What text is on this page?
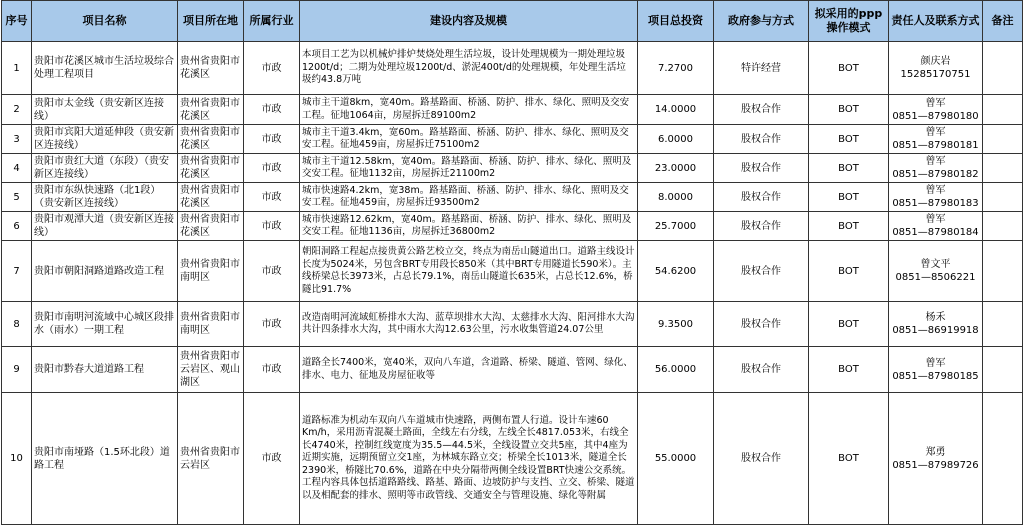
序号	项目名称	项目所在地	所属行业	建设内容及规模	项目总投资	政府参与方式	拟采用的ppp操作模式	责任人及联系方式	备注
1	贵阳市花溪区城市生活垃圾综合处理工程项目	贵州省贵阳市花溪区	市政	本项目工艺为以机械炉排炉焚烧处理生活垃圾，设计处理规模为一期处理垃圾1200t/d；二期为处理垃圾1200t/d、淤泥400t/d的处理规模，年处理生活垃圾约43.8万吨	7.2700	特许经营	BOT	颜庆岩
15285170751	

2	贵阳市太金线（贵安新区连接线）	贵州省贵阳市花溪区	市政	城市主干道8km，宽40m。路基路面、桥涵、防护、排水、绿化、照明及交安工程。征地1064亩，房屋拆迁89100m2	14.0000	股权合作	BOT	曾军
0851—87980180	

3	贵阳市宾阳大道延伸段（贵安新区连接线）	贵州省贵阳市花溪区	市政	城市主干道3.4km，宽60m。路基路面、桥涵、防护、排水、绿化、照明及交安工程。征地459亩，房屋拆迁75100m2	6.0000	股权合作	BOT	曾军
0851—87980181	

4	贵阳市贵红大道（东段）（贵安新区连接线）	贵州省贵阳市花溪区	市政	城市主干道12.58km，宽40m。路基路面、桥涵、防护、排水、绿化、照明及交安工程。征地1132亩，房屋拆迁21100m2	23.0000	股权合作	BOT	曾军
0851—87980182	

5	贵阳市东纵快速路（北1段）（贵安新区连接线）	贵州省贵阳市花溪区	市政	城市快速路4.2km，宽38m。路基路面、桥涵、防护、排水、绿化、照明及交安工程。征地459亩，房屋拆迁93500m2	8.0000	股权合作	BOT	曾军
0851—87980183	

6	贵阳市观潭大道（贵安新区连接线）	贵州省贵阳市花溪区	市政	城市快速路12.62km，宽40m。路基路面、桥涵、防护、排水、绿化、照明及交安工程。征地1136亩，房屋拆迁36800m2	25.7000	股权合作	BOT	曾军
0851—87980184	

7	贵阳市朝阳洞路道路改造工程	贵州省贵阳市南明区	市政	朝阳洞路工程起点接贵黄公路艺校立交，终点为南岳山隧道出口。道路主线设计长度为5024米，另包含BRT专用段长850米（其中BRT专用隧道长590米）。主线桥梁总长3973米，占总长79.1%，南岳山隧道长635米，占总长12.6%，桥隧比91.7%	54.6200	股权合作	BOT	曾文平
0851—8506221	

8	贵阳市南明河流域中心城区段排水（雨水）一期工程	贵州省贵阳市南明区	市政	改造南明河流域虹桥排水大沟、蓝草坝排水大沟、太慈排水大沟、阳河排水大沟共计四条排水大沟，其中雨水大沟12.63公里，污水收集管道24.07公里	9.3500	股权合作	BOT	杨禾
0851—86919918	

9	贵阳市黔春大道道路工程	贵州省贵阳市云岩区、观山湖区	市政	道路全长7400米，宽40米，双向八车道，含道路、桥梁、隧道、管网、绿化、排水、电力、征地及房屋征收等	56.0000	股权合作	BOT	曾军
0851—87980185	

10	贵阳市南垭路（1.5环北段）道路工程	贵州省贵阳市云岩区	市政	道路标准为机动车双向八车道城市快速路，两侧布置人行道。设计车速60 Km/h，采用沥青混凝土路面，全线左右分线，左线全长4817.053米，右线全长4740米，控制红线宽度为35.5—44.5米，全线设置立交共5座，其中4座为近期实施，远期预留立交1座，为林城东路立交；桥梁全长1013米，隧道全长2390米，桥隧比70.6%，道路在中央分隔带两侧全线设置BRT快速公交系统。工程内容具体包括道路路线、路基、路面、边坡防护与支挡、立交、桥梁、隧道以及相配套的排水、照明等市政管线、交通安全与管理设施、绿化等附属	55.0000	股权合作	BOT	郑勇
0851—87989726	
